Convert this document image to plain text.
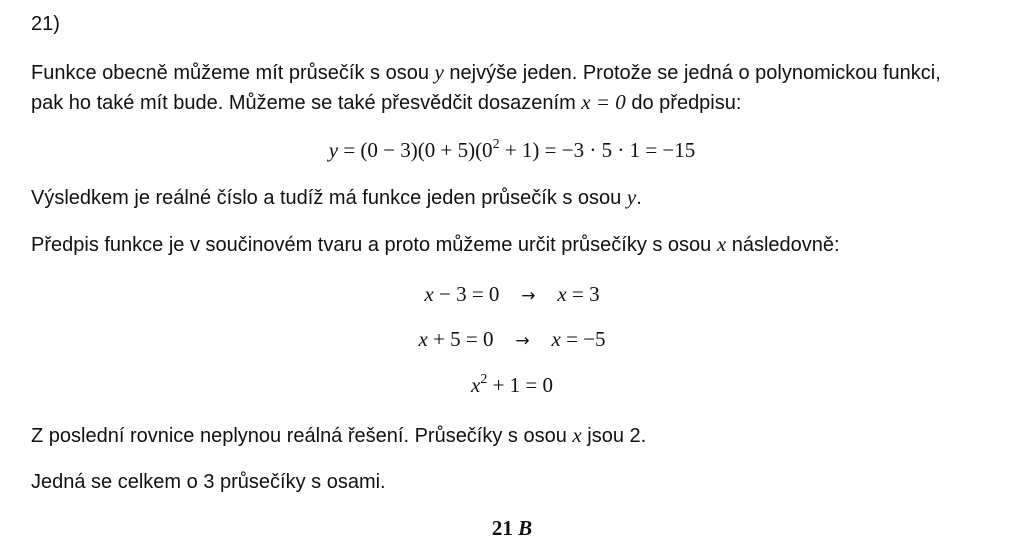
21)
Funkce obecně můžeme mít průsečík s osou y nejvýše jeden. Protože se jedná o polynomickou funkci,
pak ho také mít bude. Můžeme se také přesvědčit dosazením x = 0 do předpisu:
$y = (0 - 3)(0 + 5)(0^2 + 1) = -3 \cdot 5 \cdot 1 = -15$
Výsledkem je reálné číslo a tudíž má funkce jeden průsečík s osou y.
Předpis funkce je v součinovém tvaru a proto můžeme určit průsečíky s osou x následovně:
x − 3 = 0 → x = 3
x + 5 = 0 → x = −5
$x^2 + 1 = 0$
Z poslední rovnice neplynou reálná řešení. Průsečíky s osou x jsou 2.
Jedná se celkem o 3 průsečíky s osami.
21 B
